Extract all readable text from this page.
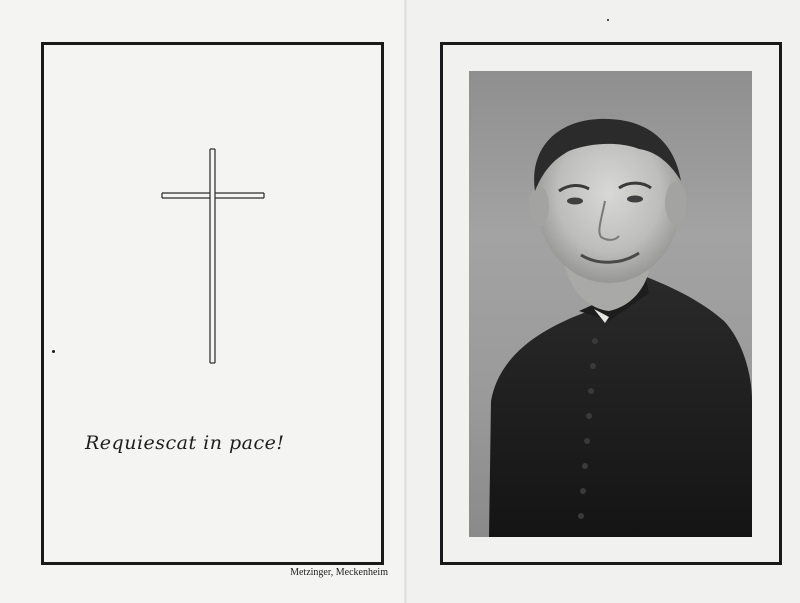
Requiescat in pace!
Metzinger, Meckenheim
